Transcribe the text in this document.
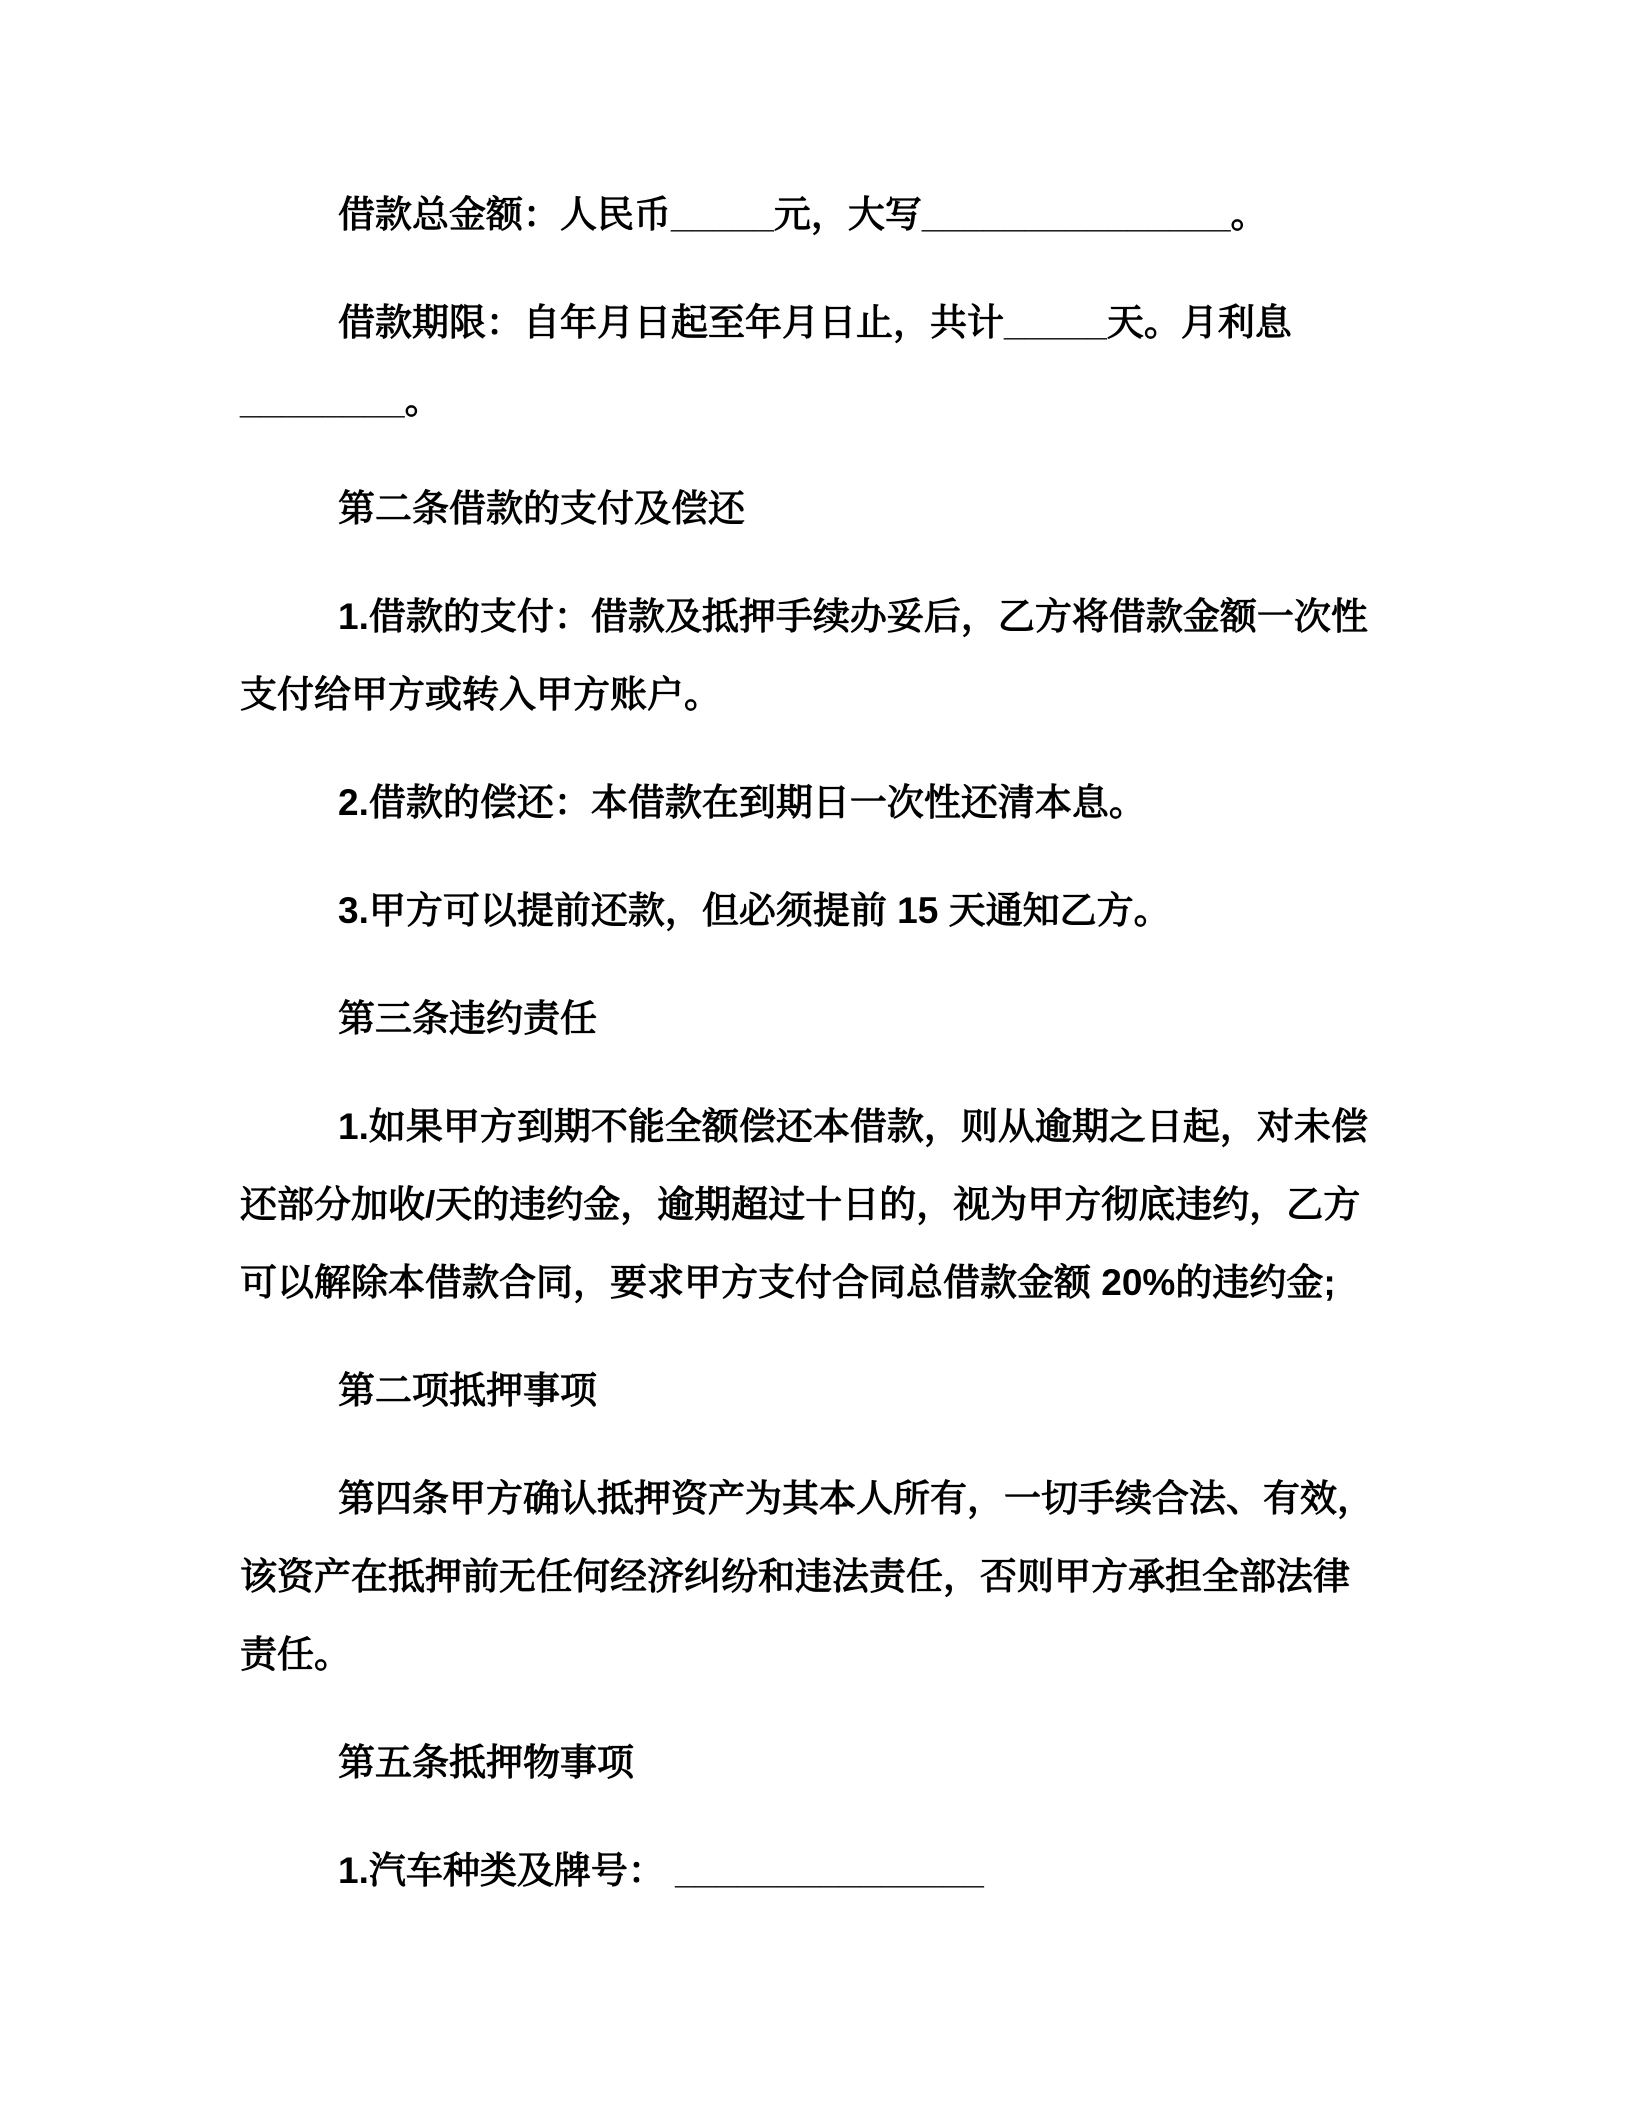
借款总金额：人民币_____元，大写_______________。

借款期限：自年月日起至年月日止，共计_____天。月利息
________。

第二条借款的支付及偿还

1.借款的支付：借款及抵押手续办妥后，乙方将借款金额一次性
支付给甲方或转入甲方账户。

2.借款的偿还：本借款在到期日一次性还清本息。

3.甲方可以提前还款，但必须提前 15 天通知乙方。

第三条违约责任

1.如果甲方到期不能全额偿还本借款，则从逾期之日起，对未偿
还部分加收/天的违约金，逾期超过十日的，视为甲方彻底违约，乙方
可以解除本借款合同，要求甲方支付合同总借款金额 20%的违约金;

第二项抵押事项

第四条甲方确认抵押资产为其本人所有，一切手续合法、有效，
该资产在抵押前无任何经济纠纷和违法责任，否则甲方承担全部法律
责任。

第五条抵押物事项

1.汽车种类及牌号： _______________
